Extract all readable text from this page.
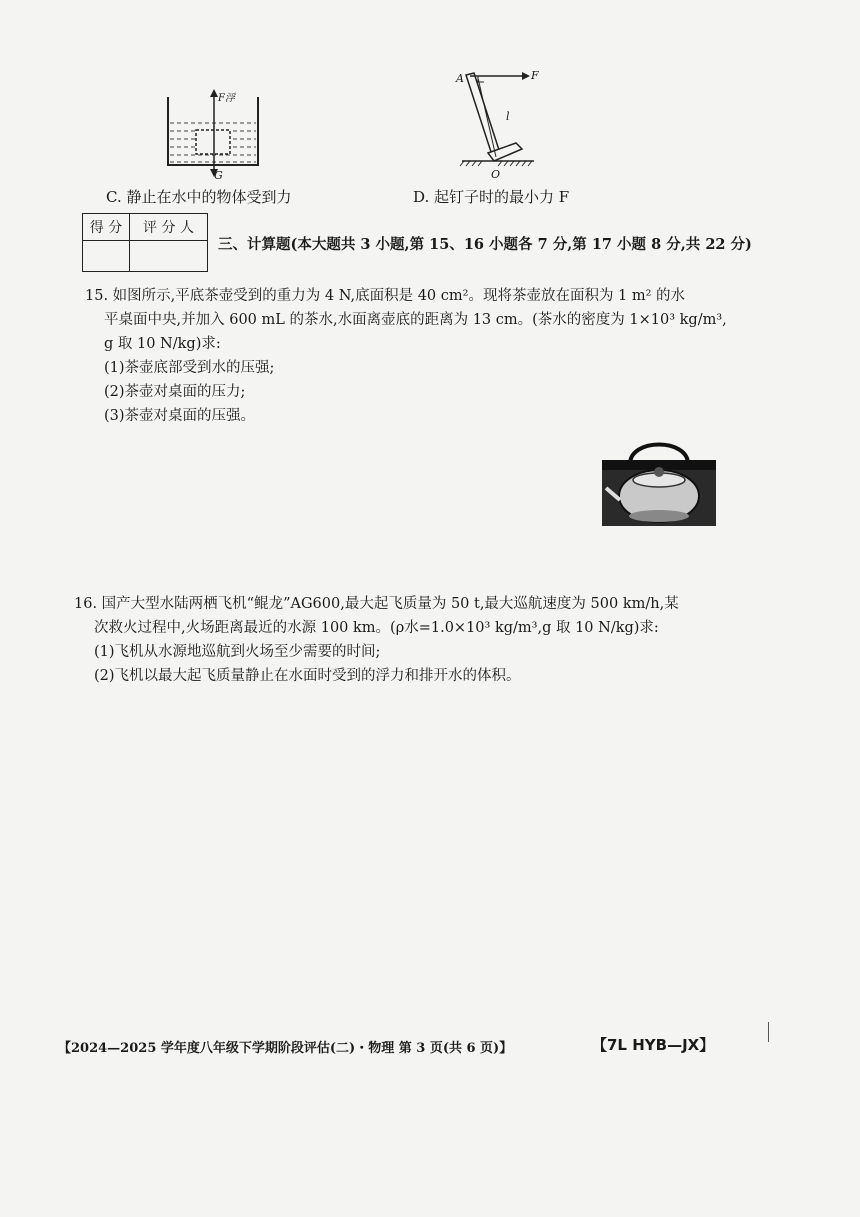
F浮
G
C. 静止在水中的物体受到力
A	F
l
O
D. 起钉子时的最小力 F
得 分	评 分 人

三、计算题(本大题共 3 小题,第 15、16 小题各 7 分,第 17 小题 8 分,共 22 分)
15. 如图所示,平底茶壶受到的重力为 4 N,底面积是 40 cm²。现将茶壶放在面积为 1 m² 的水
平桌面中央,并加入 600 mL 的茶水,水面离壶底的距离为 13 cm。(茶水的密度为 1×10³ kg/m³,
g 取 10 N/kg)求:
(1)茶壶底部受到水的压强;
(2)茶壶对桌面的压力;
(3)茶壶对桌面的压强。
16. 国产大型水陆两栖飞机“鲲龙”AG600,最大起飞质量为 50 t,最大巡航速度为 500 km/h,某
次救火过程中,火场距离最近的水源 100 km。(ρ水=1.0×10³ kg/m³,g 取 10 N/kg)求:
(1)飞机从水源地巡航到火场至少需要的时间;
(2)飞机以最大起飞质量静止在水面时受到的浮力和排开水的体积。
【2024—2025 学年度八年级下学期阶段评估(二)・物理 第 3 页(共 6 页)】	【7L HYB—JX】
